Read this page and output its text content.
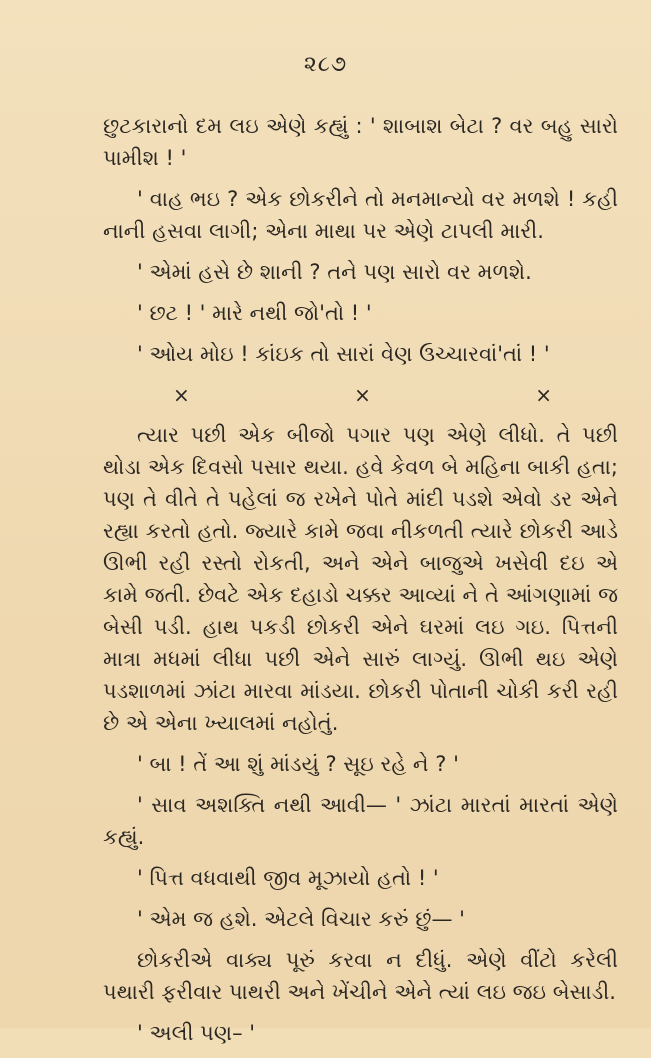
૨૮૭

છુટકારાનો દમ લઇ એણે કહ્યું : ' શાબાશ બેટા ? વર બહુ સારો પામીશ ! '

' વાહ ભઇ ? એક છોકરીને તો મનમાન્યો વર મળશે ! કહી નાની હસવા લાગી; એના માથા પર એણે ટાપલી મારી.

' એમાં હસે છે શાની ? તને પણ સારો વર મળશે.

' છટ ! ' મારે નથી જો'તો ! '

' ઓય મોઇ ! કાંઇક તો સારાં વેણ ઉચ્ચારવાં'તાં ! '

×	×	×

ત્યાર પછી એક બીજો પગાર પણ એણે લીધો. તે પછી થોડા એક દિવસો પસાર થયા. હવે કેવળ બે મહિના બાકી હતા; પણ તે વીતે તે પહેલાં જ રખેને પોતે માંદી પડશે એવો ડર એને રહ્યા કરતો હતો. જ્યારે કામે જવા નીકળતી ત્યારે છોકરી આડે ઊભી રહી રસ્તો રોકતી, અને એને બાજુએ ખસેવી દઇ એ કામે જતી. છેવટે એક દહાડો ચક્કર આવ્યાં ને તે આંગણામાં જ બેસી પડી. હાથ પકડી છોકરી એને ઘરમાં લઇ ગઇ. પિત્તની માત્રા મધમાં લીધા પછી એને સારું લાગ્યું. ઊભી થઇ એણે પડશાળમાં ઝાંટા મારવા માંડયા. છોકરી પોતાની ચોકી કરી રહી છે એ એના ખ્યાલમાં નહોતું.

' બા ! તેં આ શું માંડયું ? સૂઇ રહે ને ? '

' સાવ અશક્તિ નથી આવી— ' ઝાંટા મારતાં મારતાં એણે કહ્યું.

' પિત્ત વધવાથી જીવ મૂઝાયો હતો ! '

' એમ જ હશે. એટલે વિચાર કરું છું— '

છોકરીએ વાક્ય પૂરું કરવા ન દીધું. એણે વીંટો કરેલી પથારી ફરીવાર પાથરી અને ખેંચીને એને ત્યાં લઇ જઇ બેસાડી.

' અલી પણ– '
